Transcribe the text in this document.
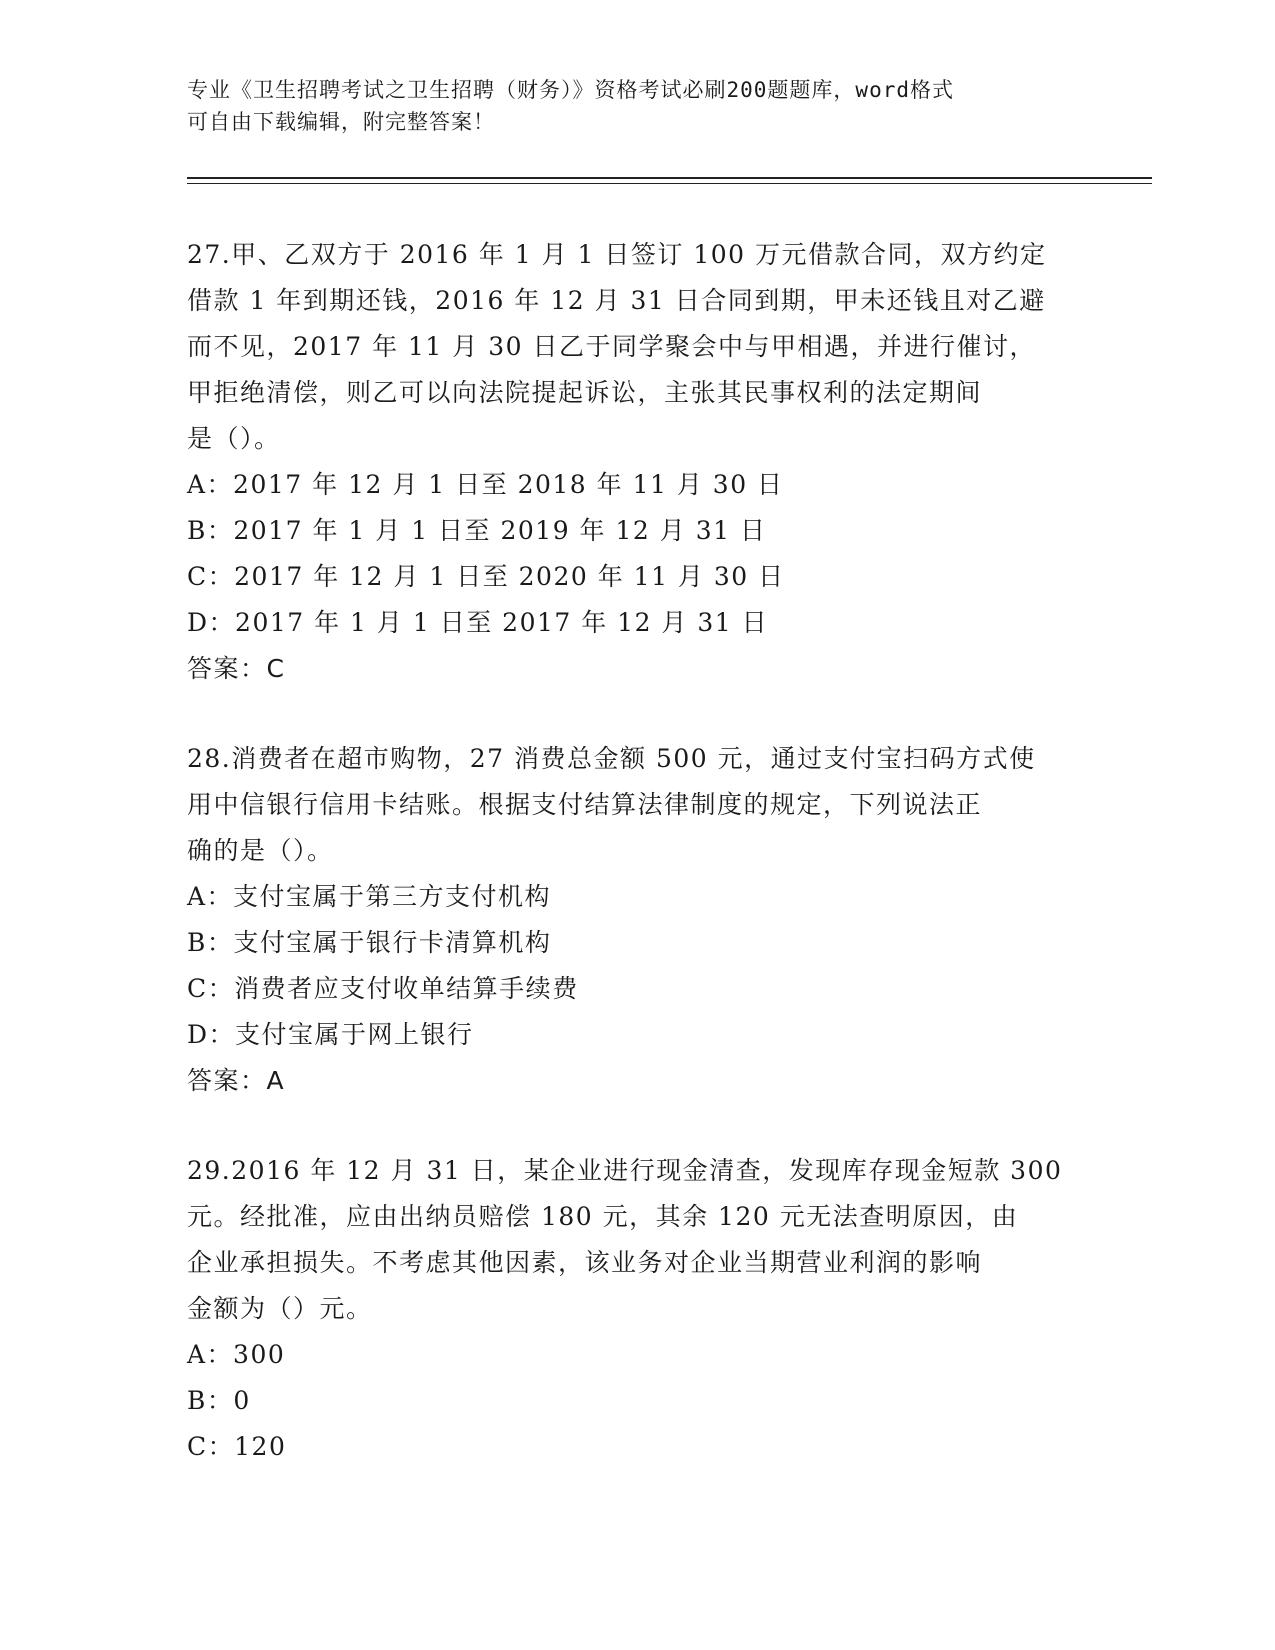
专业《卫生招聘考试之卫生招聘（财务）》资格考试必刷200题题库，word格式
可自由下载编辑，附完整答案！
27.甲、乙双方于 2016 年 1 月 1 日签订 100 万元借款合同，双方约定
借款 1 年到期还钱，2016 年 12 月 31 日合同到期，甲未还钱且对乙避
而不见，2017 年 11 月 30 日乙于同学聚会中与甲相遇，并进行催讨，
甲拒绝清偿，则乙可以向法院提起诉讼，主张其民事权利的法定期间
是（）。
A：2017 年 12 月 1 日至 2018 年 11 月 30 日
B：2017 年 1 月 1 日至 2019 年 12 月 31 日
C：2017 年 12 月 1 日至 2020 年 11 月 30 日
D：2017 年 1 月 1 日至 2017 年 12 月 31 日
答案：C
28.消费者在超市购物，27 消费总金额 500 元，通过支付宝扫码方式使
用中信银行信用卡结账。根据支付结算法律制度的规定，下列说法正
确的是（）。
A：支付宝属于第三方支付机构
B：支付宝属于银行卡清算机构
C：消费者应支付收单结算手续费
D：支付宝属于网上银行
答案：A
29.2016 年 12 月 31 日，某企业进行现金清查，发现库存现金短款 300
元。经批准，应由出纳员赔偿 180 元，其余 120 元无法查明原因，由
企业承担损失。不考虑其他因素，该业务对企业当期营业利润的影响
金额为（）元。
A：300
B：0
C：120
